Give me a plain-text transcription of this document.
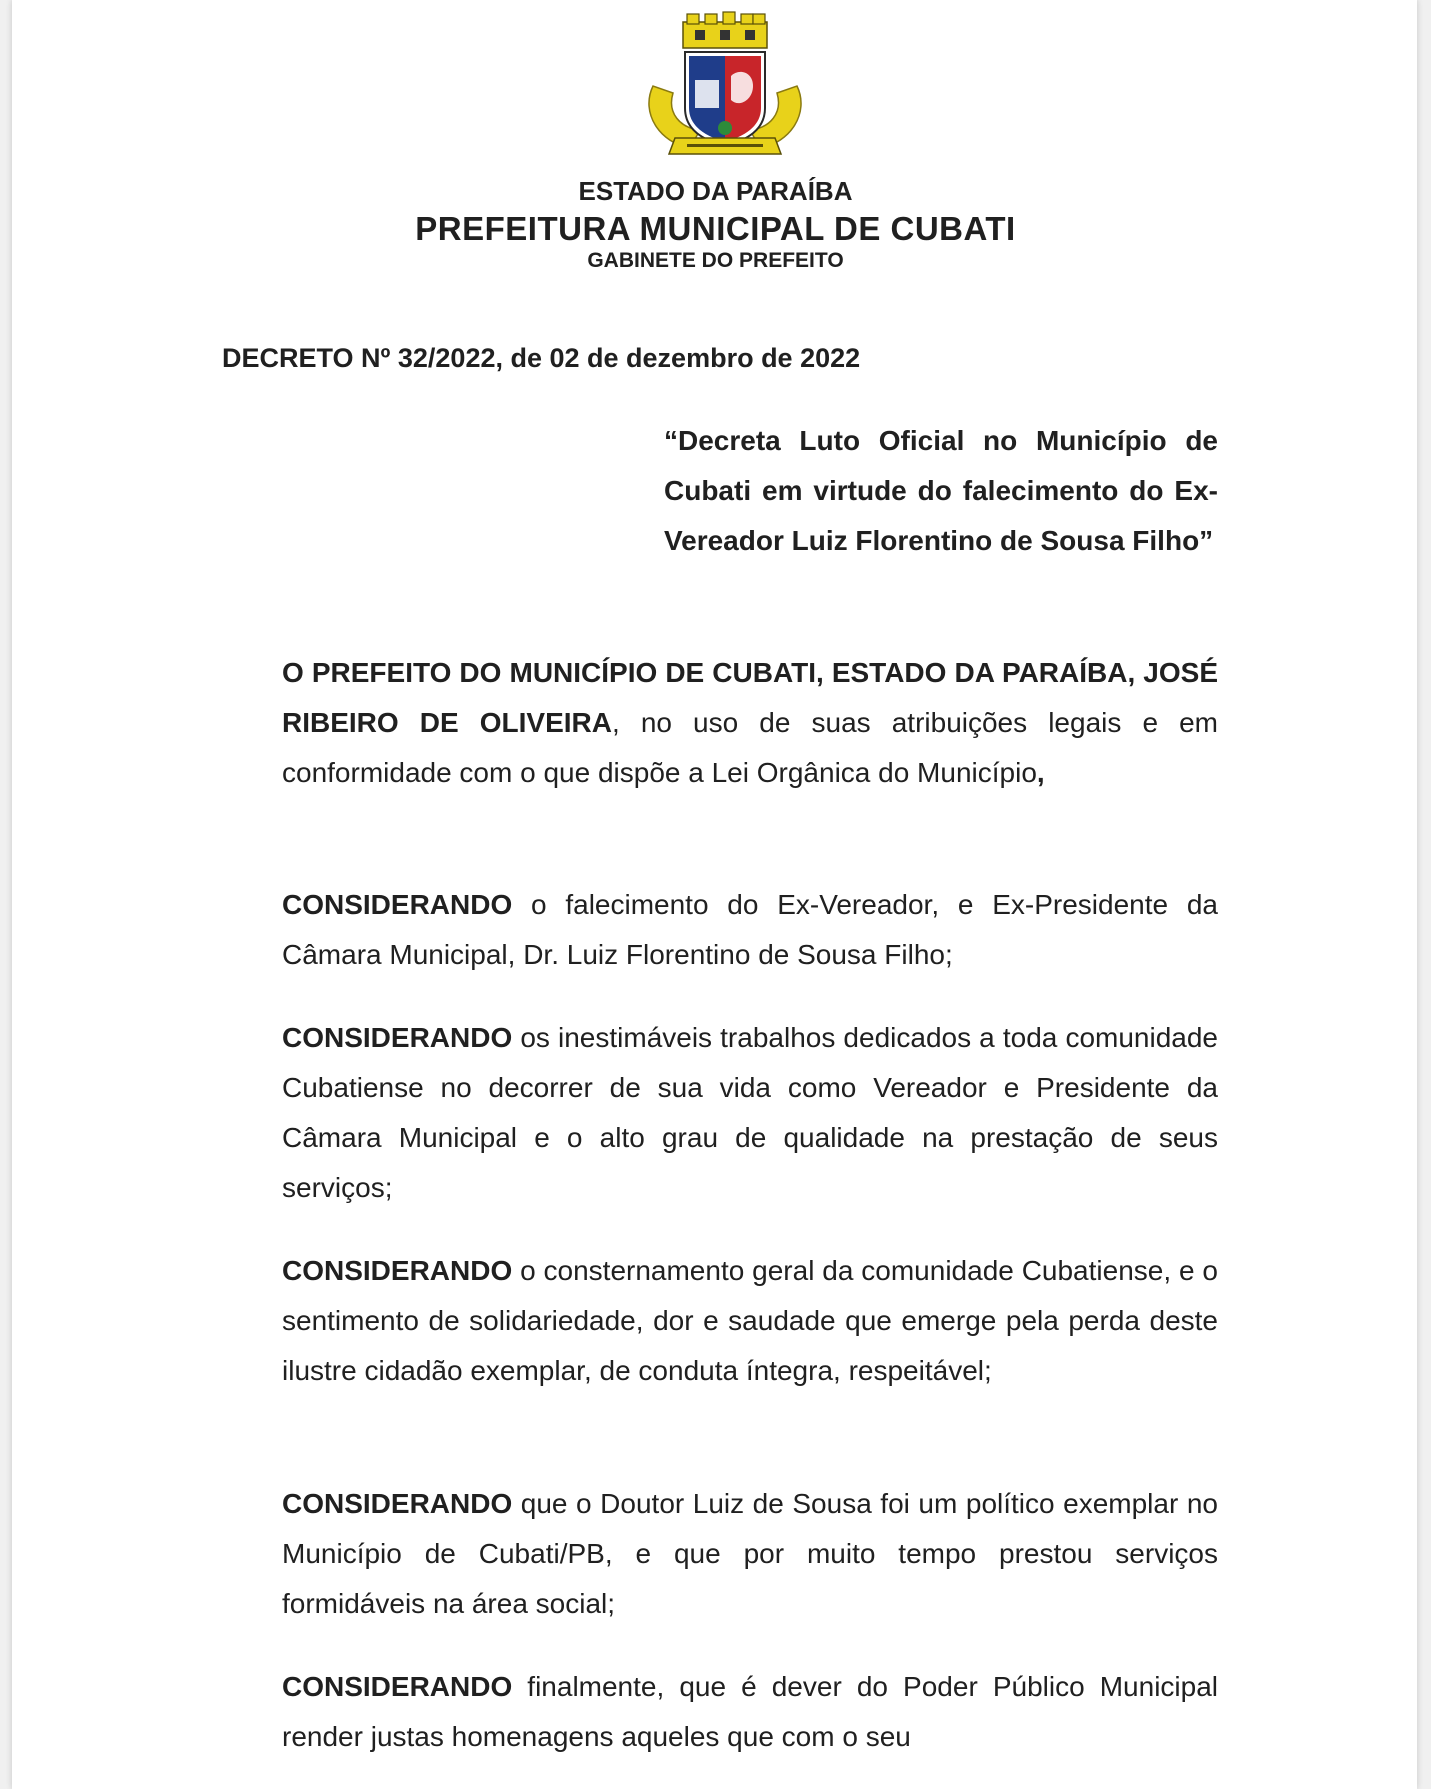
ESTADO DA PARAÍBA
PREFEITURA MUNICIPAL DE CUBATI
GABINETE DO PREFEITO
DECRETO Nº 32/2022, de 02 de dezembro de 2022
“Decreta Luto Oficial no Município de Cubati em virtude do falecimento do Ex-Vereador Luiz Florentino de Sousa Filho”
O PREFEITO DO MUNICÍPIO DE CUBATI, ESTADO DA PARAÍBA, JOSÉ RIBEIRO DE OLIVEIRA, no uso de suas atribuições legais e em conformidade com o que dispõe a Lei Orgânica do Município,
CONSIDERANDO o falecimento do Ex-Vereador, e Ex-Presidente da Câmara Municipal, Dr. Luiz Florentino de Sousa Filho;
CONSIDERANDO os inestimáveis trabalhos dedicados a toda comunidade Cubatiense no decorrer de sua vida como Vereador e Presidente da Câmara Municipal e o alto grau de qualidade na prestação de seus serviços;
CONSIDERANDO o consternamento geral da comunidade Cubatiense, e o sentimento de solidariedade, dor e saudade que emerge pela perda deste ilustre cidadão exemplar, de conduta íntegra, respeitável;
CONSIDERANDO que o Doutor Luiz de Sousa foi um político exemplar no Município de Cubati/PB, e que por muito tempo prestou serviços formidáveis na área social;
CONSIDERANDO finalmente, que é dever do Poder Público Municipal render justas homenagens aqueles que com o seu
